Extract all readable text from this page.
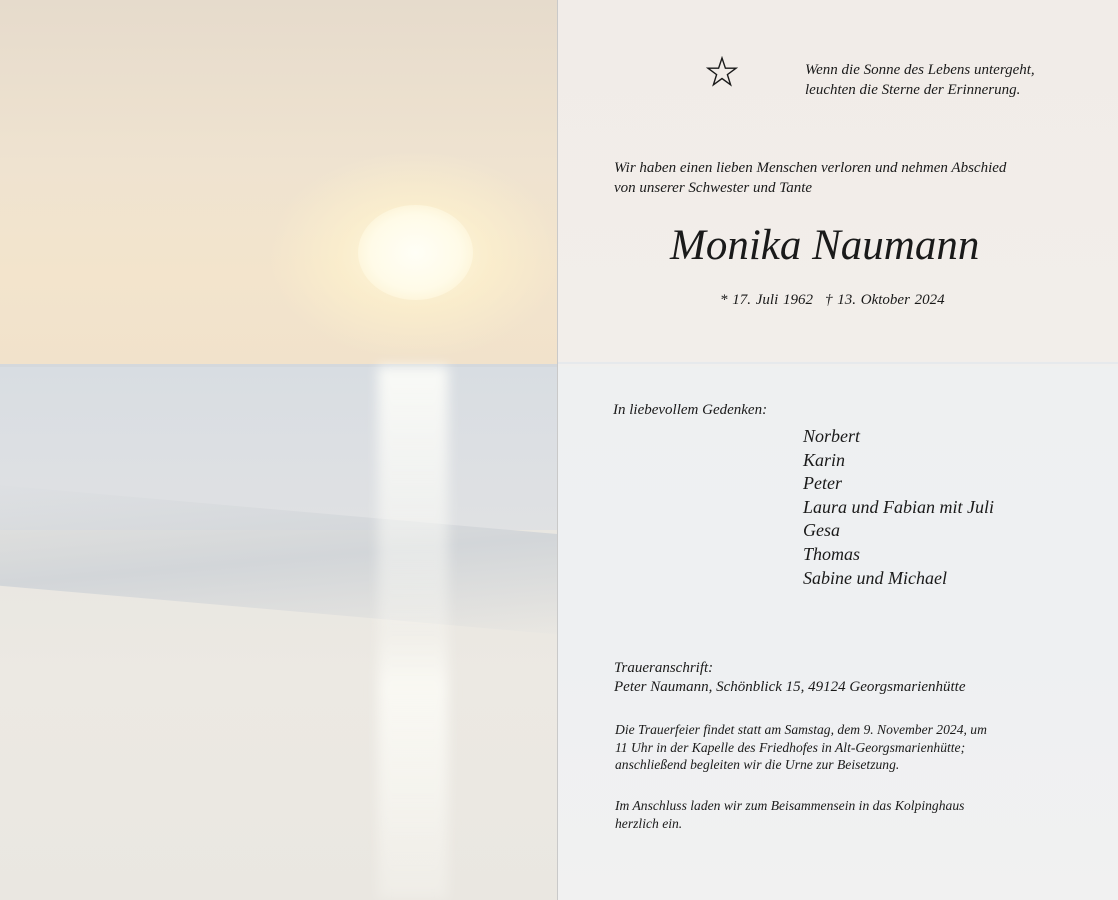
Wenn die Sonne des Lebens untergeht,
leuchten die Sterne der Erinnerung.
Wir haben einen lieben Menschen verloren und nehmen Abschied
von unserer Schwester und Tante
Monika Naumann
* 17. Juli 1962 † 13. Oktober 2024
In liebevollem Gedenken:
Norbert
Karin
Peter
Laura und Fabian mit Juli
Gesa
Thomas
Sabine und Michael
Traueranschrift:
Peter Naumann, Schönblick 15, 49124 Georgsmarienhütte
Die Trauerfeier findet statt am Samstag, dem 9. November 2024, um
11 Uhr in der Kapelle des Friedhofes in Alt-Georgsmarienhütte;
anschließend begleiten wir die Urne zur Beisetzung.
Im Anschluss laden wir zum Beisammensein in das Kolpinghaus
herzlich ein.
